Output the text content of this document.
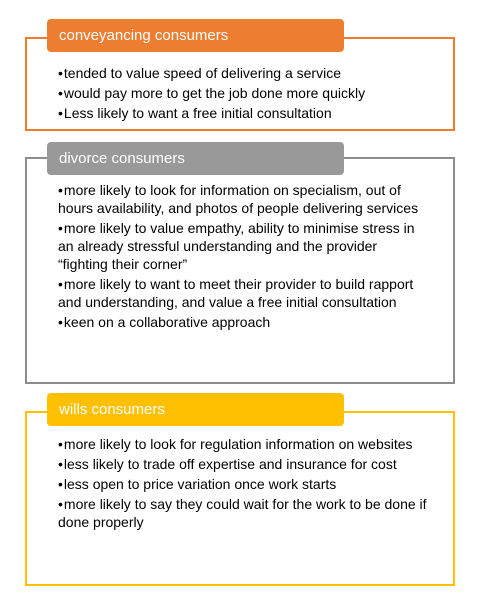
conveyancing consumers
•tended to value speed of delivering a service
•would pay more to get the job done more quickly
•Less likely to want a free initial consultation
divorce consumers
•more likely to look for information on specialism, out of hours availability, and photos of people delivering services
•more likely to value empathy, ability to minimise stress in an already stressful understanding and the provider “fighting their corner”
•more likely to want to meet their provider to build rapport and understanding, and value a free initial consultation
•keen on a collaborative approach
wills consumers
•more likely to look for regulation information on websites
•less likely to trade off expertise and insurance for cost
•less open to price variation once work starts
•more likely to say they could wait for the work to be done if done properly
